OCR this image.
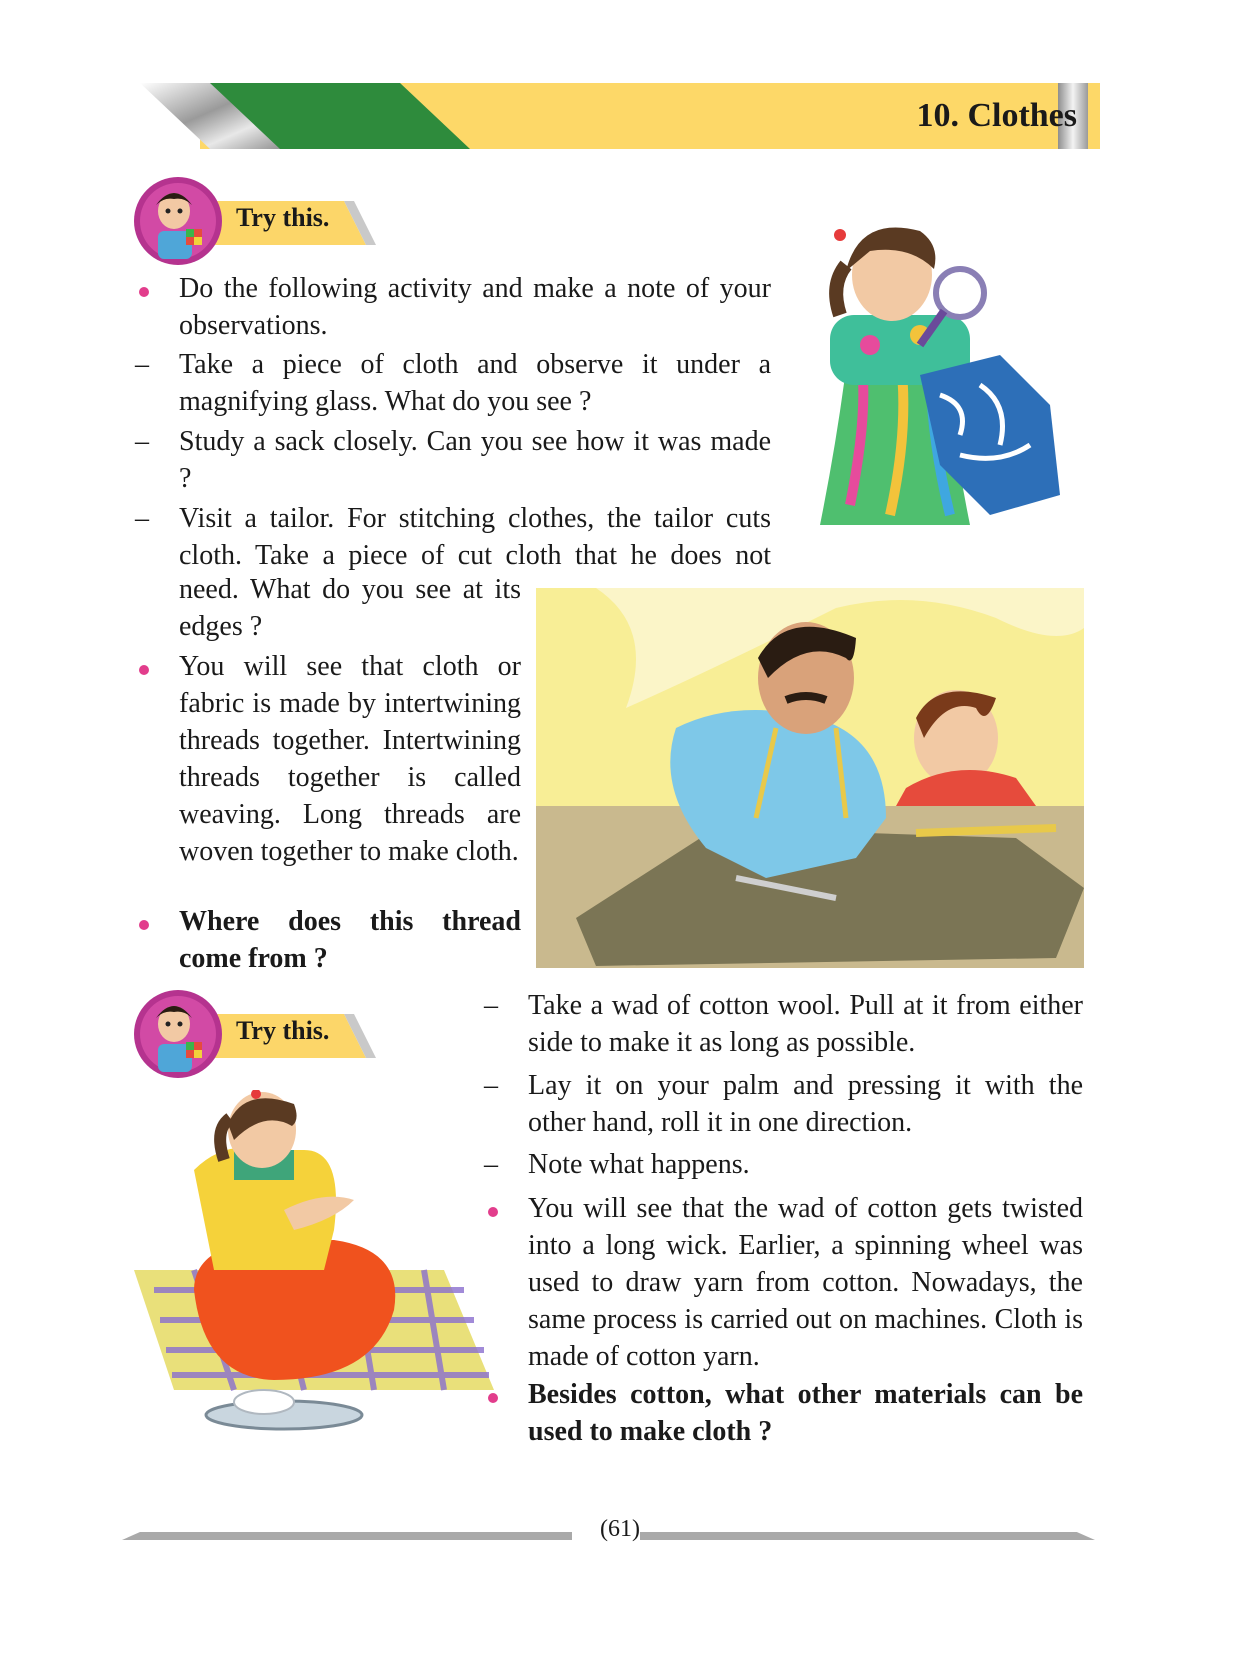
10. Clothes
Try this.
Do the following activity and make a note of your observations.
–	Take a piece of cloth and observe it under a magnifying glass. What do you see ?
–	Study a sack closely. Can you see how it was made ?
–	Visit a tailor. For stitching clothes, the tailor cuts cloth. Take a piece of cut cloth that he does not
need. What do you see at its edges ?
You will see that cloth or fabric is made by intertwining threads together. Intertwining threads together is called weaving. Long threads are woven together to make cloth.
Where does this thread come from ?
Try this.
–	Take a wad of cotton wool. Pull at it from either side to make it as long as possible.
–	Lay it on your palm and pressing it with the other hand, roll it in one direction.
–	Note what happens.
You will see that the wad of cotton gets twisted into a long wick. Earlier, a spinning wheel was used to draw yarn from cotton. Nowadays, the same process is carried out on machines. Cloth is made of cotton yarn.
Besides cotton, what other materials can be used to make cloth ?
(61)
